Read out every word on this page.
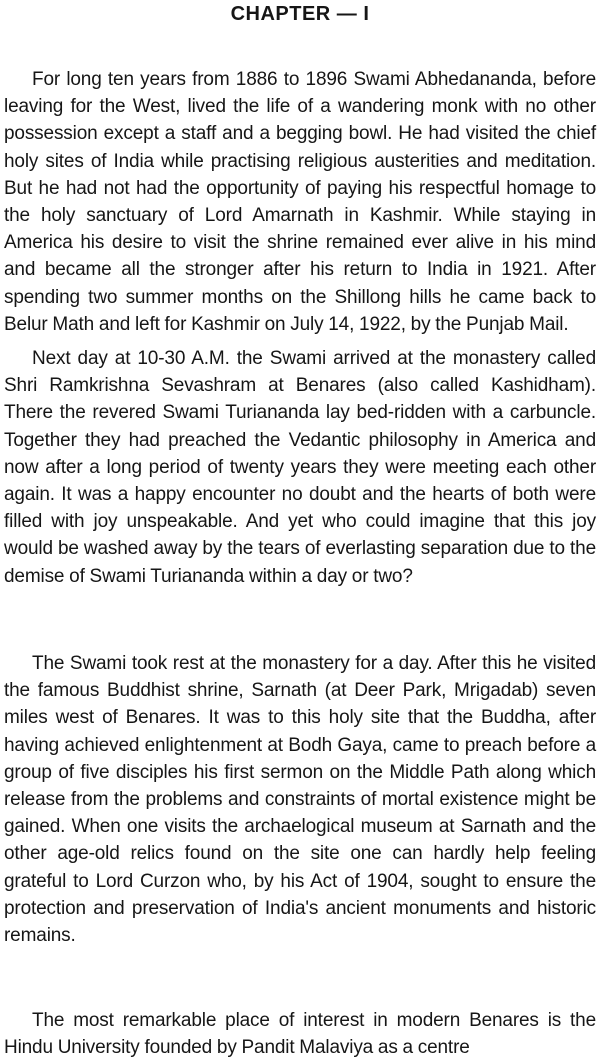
CHAPTER — I

For long ten years from 1886 to 1896 Swami Abhedananda, before leaving for the West, lived the life of a wandering monk with no other possession except a staff and a begging bowl. He had visited the chief holy sites of India while practising religious austerities and meditation. But he had not had the opportunity of paying his respectful homage to the holy sanctuary of Lord Amarnath in Kashmir. While staying in America his desire to visit the shrine remained ever alive in his mind and became all the stronger after his return to India in 1921. After spending two summer months on the Shillong hills he came back to Belur Math and left for Kashmir on July 14, 1922, by the Punjab Mail.

Next day at 10-30 A.M. the Swami arrived at the monastery called Shri Ramkrishna Sevashram at Benares (also called Kashidham). There the revered Swami Turiananda lay bed-ridden with a carbuncle. Together they had preached the Vedantic philosophy in America and now after a long period of twenty years they were meeting each other again. It was a happy encounter no doubt and the hearts of both were filled with joy unspeakable. And yet who could imagine that this joy would be washed away by the tears of everlasting separation due to the demise of Swami Turiananda within a day or two?

The Swami took rest at the monastery for a day. After this he visited the famous Buddhist shrine, Sarnath (at Deer Park, Mrigadab) seven miles west of Benares. It was to this holy site that the Buddha, after having achieved enlightenment at Bodh Gaya, came to preach before a group of five disciples his first sermon on the Middle Path along which release from the problems and constraints of mortal existence might be gained. When one visits the archaelogical museum at Sarnath and the other age-old relics found on the site one can hardly help feeling grateful to Lord Curzon who, by his Act of 1904, sought to ensure the protection and preservation of India's ancient monuments and historic remains.

The most remarkable place of interest in modern Benares is the Hindu University founded by Pandit Malaviya as a centre
